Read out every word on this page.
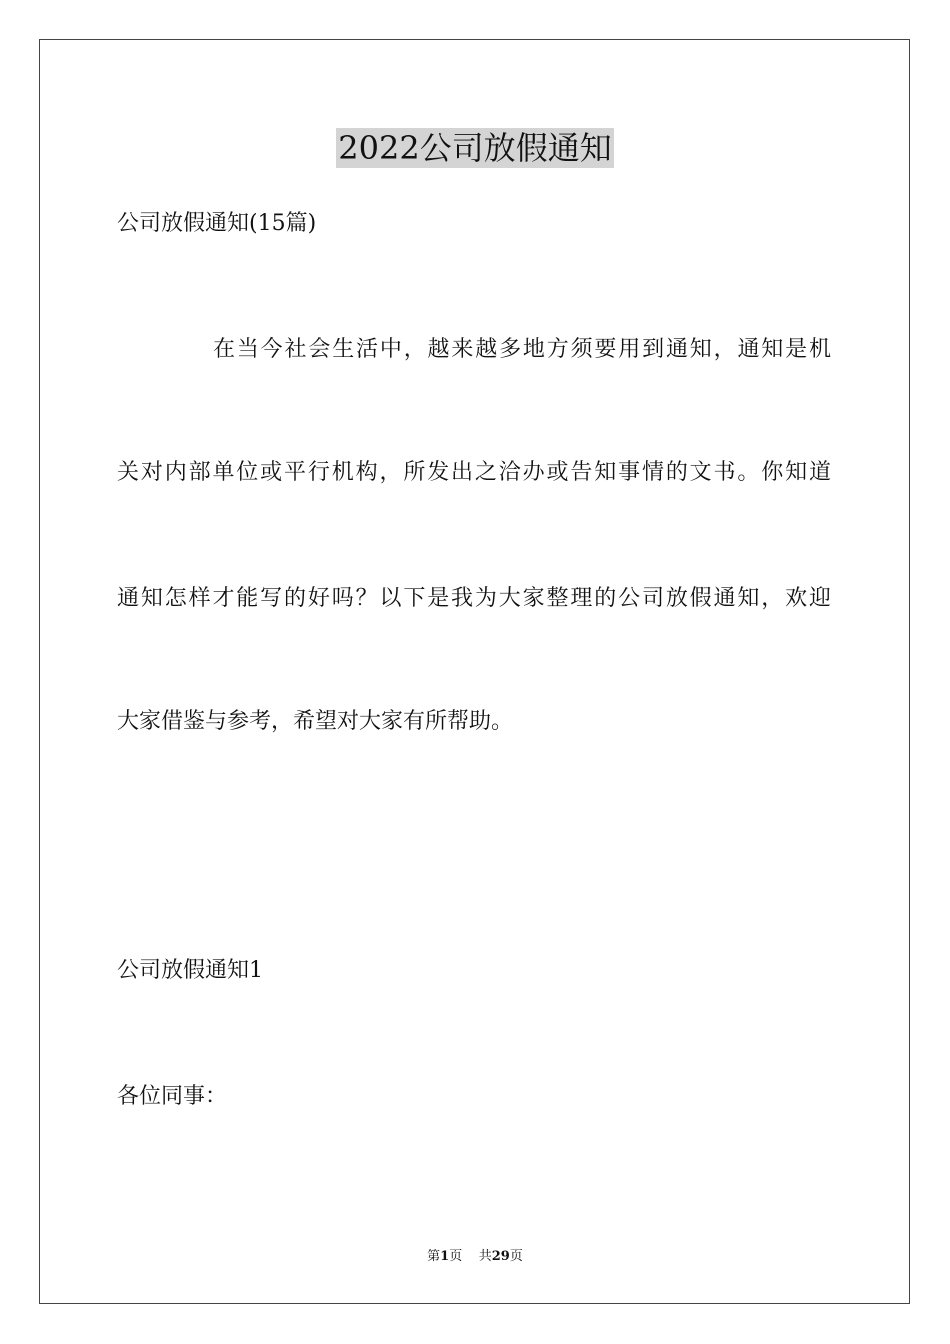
2022公司放假通知
公司放假通知(15篇)
在当今社会生活中，越来越多地方须要用到通知，通知是机
关对内部单位或平行机构，所发出之洽办或告知事情的文书。你知道
通知怎样才能写的好吗？以下是我为大家整理的公司放假通知，欢迎
大家借鉴与参考，希望对大家有所帮助。
公司放假通知1
各位同事：
第1页 共29页
